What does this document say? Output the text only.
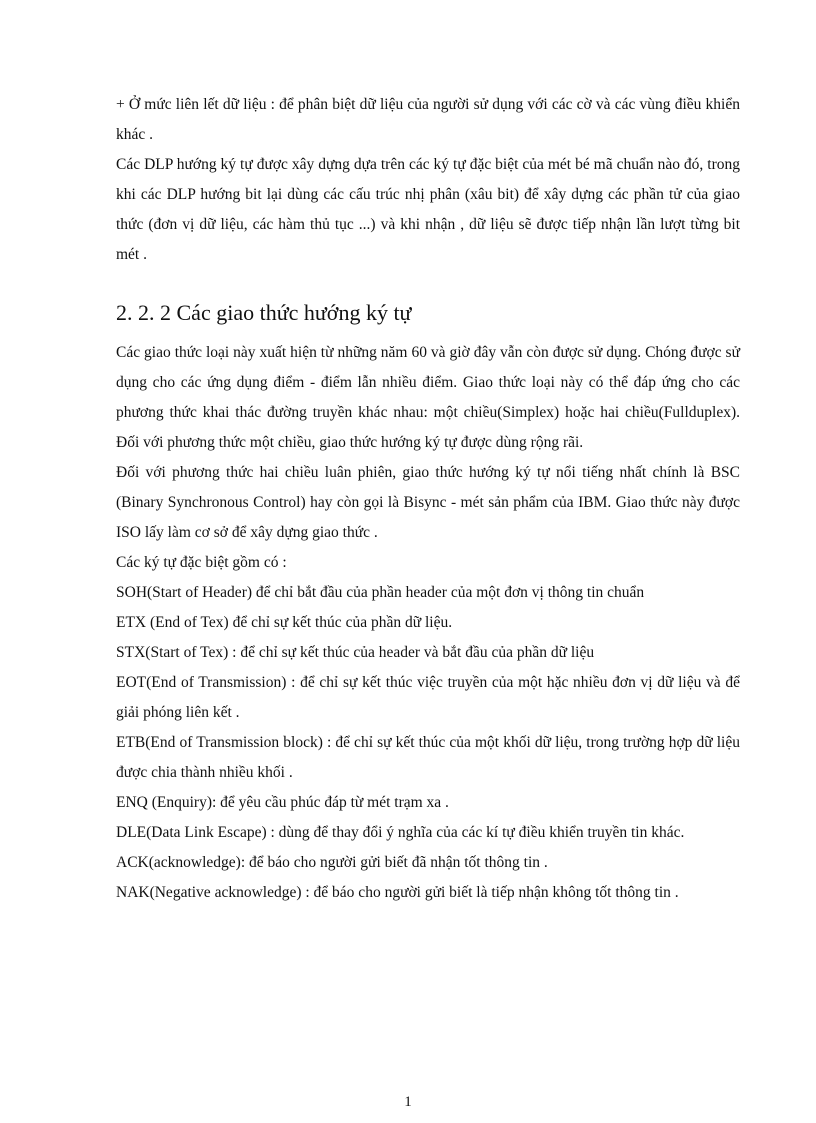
+ Ở mức liên lết dữ liệu : để phân biệt dữ liệu của người sử dụng với các cờ và các vùng điều khiển khác .

Các DLP hướng ký tự được xây dựng dựa trên các ký tự đặc biệt của mét bé mã chuẩn nào đó, trong khi các DLP hướng bit lại dùng các cấu trúc nhị phân (xâu bit) để xây dựng các phần tử của giao thức (đơn vị dữ liệu, các hàm thủ tục ...) và khi nhận , dữ liệu sẽ được tiếp nhận lần lượt từng bit mét .

2. 2. 2 Các giao thức hướng ký tự

Các giao thức loại này xuất hiện từ những năm 60 và giờ đây vẫn còn được sử dụng. Chóng được sử dụng cho các ứng dụng điểm - điểm lẫn nhiều điểm. Giao thức loại này có thể đáp ứng cho các phương thức khai thác đường truyền khác nhau: một chiều(Simplex) hoặc hai chiều(Fullduplex). Đối với phương thức một chiều, giao thức hướng ký tự được dùng rộng rãi.

Đối với phương thức hai chiều luân phiên, giao thức hướng ký tự nổi tiếng nhất chính là BSC (Binary Synchronous Control) hay còn gọi là Bisync - mét sản phẩm của IBM. Giao thức này được ISO lấy làm cơ sở để xây dựng giao thức .

Các ký tự đặc biệt gồm có :

SOH(Start of Header) để chỉ bắt đầu của phần header của một đơn vị thông tin chuẩn

ETX (End of Tex) để chỉ sự kết thúc của phần dữ liệu.

STX(Start of Tex) : để chỉ sự kết thúc của header và bắt đầu của phần dữ liệu

EOT(End of Transmission) : để chỉ sự kết thúc việc truyền của một hặc nhiều đơn vị dữ liệu và để giải phóng liên kết .

ETB(End of Transmission block) : để chỉ sự kết thúc của một khối dữ liệu, trong trường hợp dữ liệu được chia thành nhiều khối .

ENQ (Enquiry): để yêu cầu phúc đáp từ mét trạm xa .

DLE(Data Link Escape) : dùng để thay đổi ý nghĩa của các kí tự điều khiển truyền tin khác.

ACK(acknowledge): để báo cho người gửi biết đã nhận tốt thông tin .

NAK(Negative acknowledge) : để báo cho người gửi biết là tiếp nhận không tốt thông tin .

1
